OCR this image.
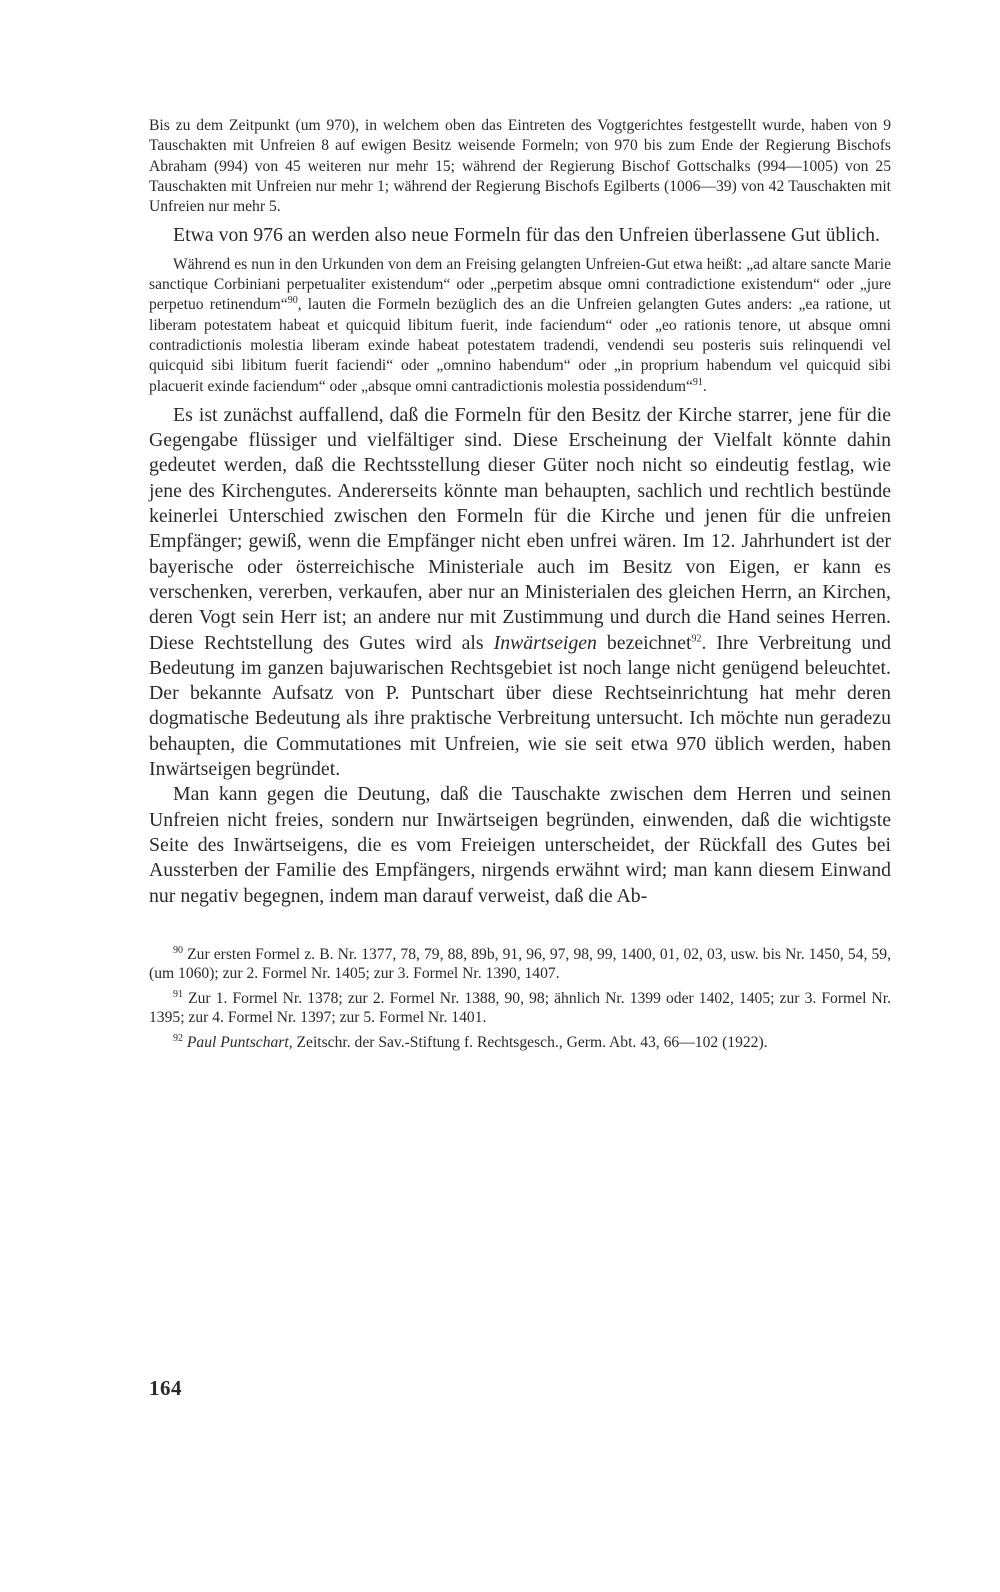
Bis zu dem Zeitpunkt (um 970), in welchem oben das Eintreten des Vogtgerichtes festgestellt wurde, haben von 9 Tauschakten mit Unfreien 8 auf ewigen Besitz weisende Formeln; von 970 bis zum Ende der Regierung Bischofs Abraham (994) von 45 weiteren nur mehr 15; während der Regierung Bischof Gottschalks (994—1005) von 25 Tauschakten mit Unfreien nur mehr 1; während der Regierung Bischofs Egilberts (1006—39) von 42 Tauschakten mit Unfreien nur mehr 5.

Etwa von 976 an werden also neue Formeln für das den Unfreien überlassene Gut üblich.

Während es nun in den Urkunden von dem an Freising gelangten Unfreien-Gut etwa heißt: „ad altare sancte Marie sanctique Corbiniani perpetualiter existendum“ oder „perpetim absque omni contradictione existendum“ oder „jure perpetuo retinendum“$^{90}$, lauten die Formeln bezüglich des an die Unfreien gelangten Gutes anders: „ea ratione, ut liberam potestatem habeat et quicquid libitum fuerit, inde faciendum“ oder „eo rationis tenore, ut absque omni contradictionis molestia liberam exinde habeat potestatem tradendi, vendendi seu posteris suis relinquendi vel quicquid sibi libitum fuerit faciendi“ oder „omnino habendum“ oder „in proprium habendum vel quicquid sibi placuerit exinde faciendum“ oder „absque omni cantradictionis molestia possidendum“$^{91}$.

Es ist zunächst auffallend, daß die Formeln für den Besitz der Kirche starrer, jene für die Gegengabe flüssiger und vielfältiger sind. Diese Erscheinung der Vielfalt könnte dahin gedeutet werden, daß die Rechtsstellung dieser Güter noch nicht so eindeutig festlag, wie jene des Kirchengutes. Andererseits könnte man behaupten, sachlich und rechtlich bestünde keinerlei Unterschied zwischen den Formeln für die Kirche und jenen für die unfreien Empfänger; gewiß, wenn die Empfänger nicht eben unfrei wären. Im 12. Jahrhundert ist der bayerische oder österreichische Ministeriale auch im Besitz von Eigen, er kann es verschenken, vererben, verkaufen, aber nur an Ministerialen des gleichen Herrn, an Kirchen, deren Vogt sein Herr ist; an andere nur mit Zustimmung und durch die Hand seines Herren. Diese Rechtstellung des Gutes wird als Inwärtseigen bezeichnet$^{92}$. Ihre Verbreitung und Bedeutung im ganzen bajuwarischen Rechtsgebiet ist noch lange nicht genügend beleuchtet. Der bekannte Aufsatz von P. Puntschart über diese Rechtseinrichtung hat mehr deren dogmatische Bedeutung als ihre praktische Verbreitung untersucht. Ich möchte nun geradezu behaupten, die Commutationes mit Unfreien, wie sie seit etwa 970 üblich werden, haben Inwärtseigen begründet.

Man kann gegen die Deutung, daß die Tauschakte zwischen dem Herren und seinen Unfreien nicht freies, sondern nur Inwärtseigen begründen, einwenden, daß die wichtigste Seite des Inwärtseigens, die es vom Freieigen unterscheidet, der Rückfall des Gutes bei Aussterben der Familie des Empfängers, nirgends erwähnt wird; man kann diesem Einwand nur negativ begegnen, indem man darauf verweist, daß die Ab-

$^{90}$ Zur ersten Formel z. B. Nr. 1377, 78, 79, 88, 89b, 91, 96, 97, 98, 99, 1400, 01, 02, 03, usw. bis Nr. 1450, 54, 59, (um 1060); zur 2. Formel Nr. 1405; zur 3. Formel Nr. 1390, 1407.

$^{91}$ Zur 1. Formel Nr. 1378; zur 2. Formel Nr. 1388, 90, 98; ähnlich Nr. 1399 oder 1402, 1405; zur 3. Formel Nr. 1395; zur 4. Formel Nr. 1397; zur 5. Formel Nr. 1401.

$^{92}$ Paul Puntschart, Zeitschr. der Sav.-Stiftung f. Rechtsgesch., Germ. Abt. 43, 66—102 (1922).

164
